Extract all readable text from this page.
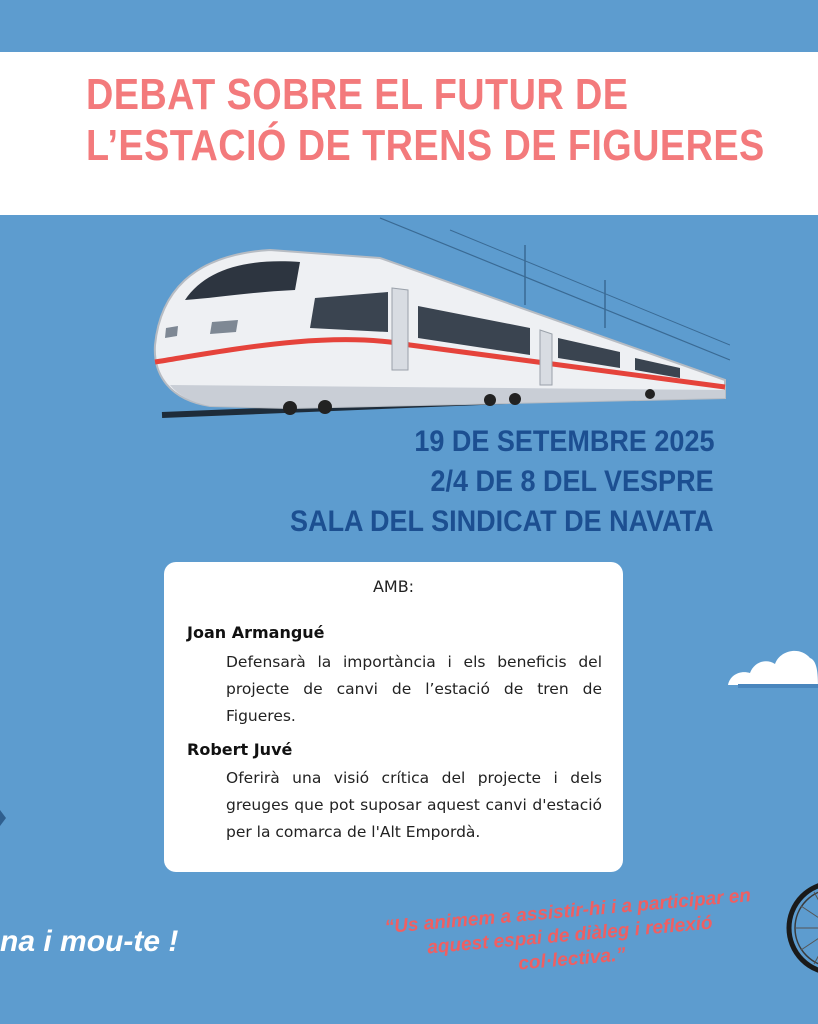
DEBAT SOBRE EL FUTUR DE
L’ESTACIÓ DE TRENS DE FIGUERES
19 DE SETEMBRE 2025
2/4 DE 8 DEL VESPRE
SALA DEL SINDICAT DE NAVATA
AMB:
Joan Armangué
Defensarà la importància i els beneficis del projecte de canvi de l’estació de tren de Figueres.
Robert Juvé
Oferirà una visió crítica del projecte i dels greuges que pot suposar aquest canvi d'estació per la comarca de l'Alt Empordà.
na i mou-te !
“Us animem a assistir-hi i a participar en aquest espai de diàleg i reflexió col·lectiva.”
